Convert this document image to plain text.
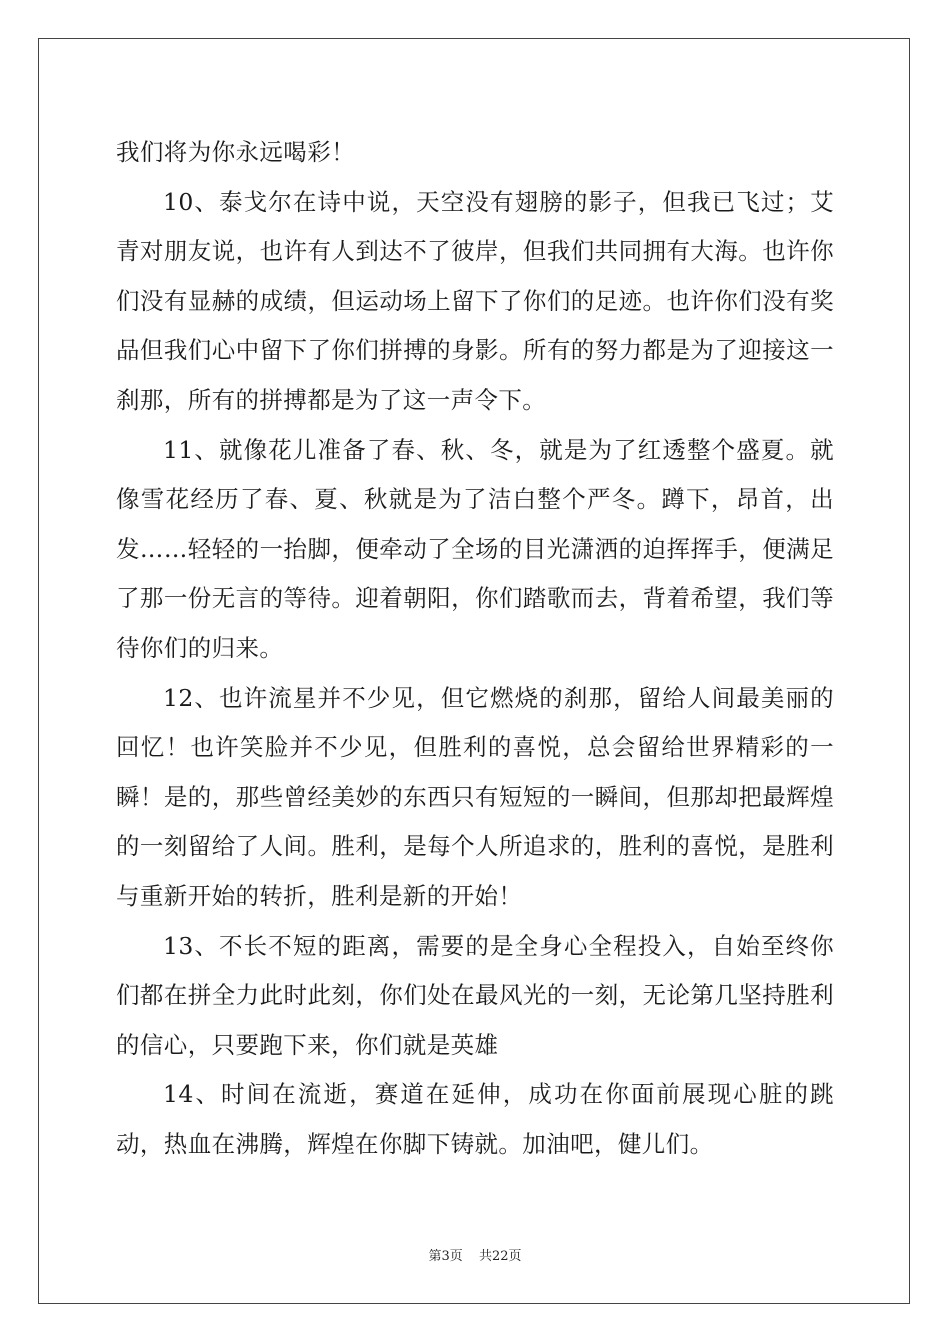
我们将为你永远喝彩！

10、泰戈尔在诗中说，天空没有翅膀的影子，但我已飞过；艾青对朋友说，也许有人到达不了彼岸，但我们共同拥有大海。也许你们没有显赫的成绩，但运动场上留下了你们的足迹。也许你们没有奖品但我们心中留下了你们拼搏的身影。所有的努力都是为了迎接这一刹那，所有的拼搏都是为了这一声令下。

11、就像花儿准备了春、秋、冬，就是为了红透整个盛夏。就像雪花经历了春、夏、秋就是为了洁白整个严冬。蹲下，昂首，出发……轻轻的一抬脚，便牵动了全场的目光潇洒的迫挥挥手，便满足了那一份无言的等待。迎着朝阳，你们踏歌而去，背着希望，我们等待你们的归来。

12、也许流星并不少见，但它燃烧的刹那，留给人间最美丽的回忆！也许笑脸并不少见，但胜利的喜悦，总会留给世界精彩的一瞬！是的，那些曾经美妙的东西只有短短的一瞬间，但那却把最辉煌的一刻留给了人间。胜利，是每个人所追求的，胜利的喜悦，是胜利与重新开始的转折，胜利是新的开始！

13、不长不短的距离，需要的是全身心全程投入，自始至终你们都在拼全力此时此刻，你们处在最风光的一刻，无论第几坚持胜利的信心，只要跑下来，你们就是英雄

14、时间在流逝，赛道在延伸，成功在你面前展现心脏的跳动，热血在沸腾，辉煌在你脚下铸就。加油吧，健儿们。

第3页 共22页
